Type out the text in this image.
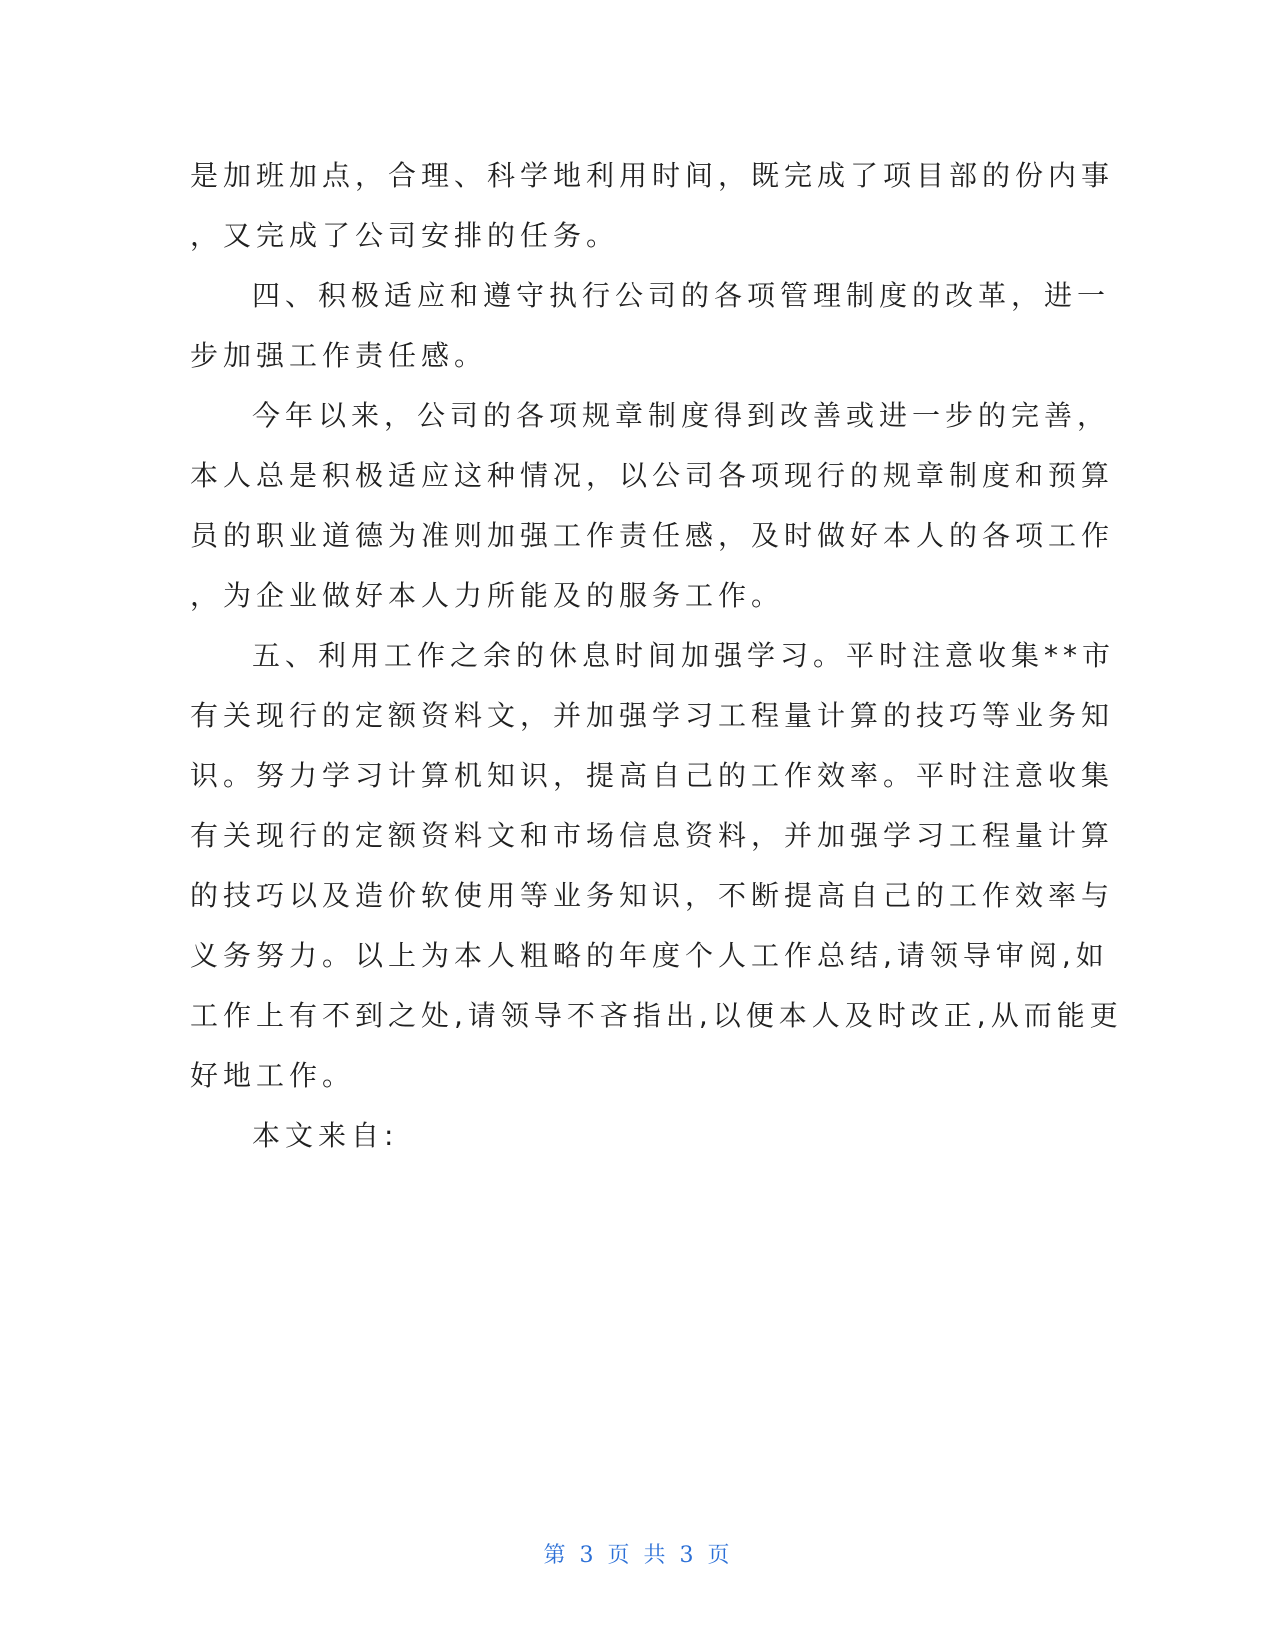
是加班加点，合理、科学地利用时间，既完成了项目部的份内事
，又完成了公司安排的任务。
四、积极适应和遵守执行公司的各项管理制度的改革，进一
步加强工作责任感。
今年以来，公司的各项规章制度得到改善或进一步的完善，
本人总是积极适应这种情况，以公司各项现行的规章制度和预算
员的职业道德为准则加强工作责任感，及时做好本人的各项工作
，为企业做好本人力所能及的服务工作。
五、利用工作之余的休息时间加强学习。平时注意收集**市
有关现行的定额资料文，并加强学习工程量计算的技巧等业务知
识。努力学习计算机知识，提高自己的工作效率。平时注意收集
有关现行的定额资料文和市场信息资料，并加强学习工程量计算
的技巧以及造价软使用等业务知识，不断提高自己的工作效率与
义务努力。以上为本人粗略的年度个人工作总结,请领导审阅,如
工作上有不到之处,请领导不吝指出,以便本人及时改正,从而能更
好地工作。
本文来自:
第 3 页 共 3 页
